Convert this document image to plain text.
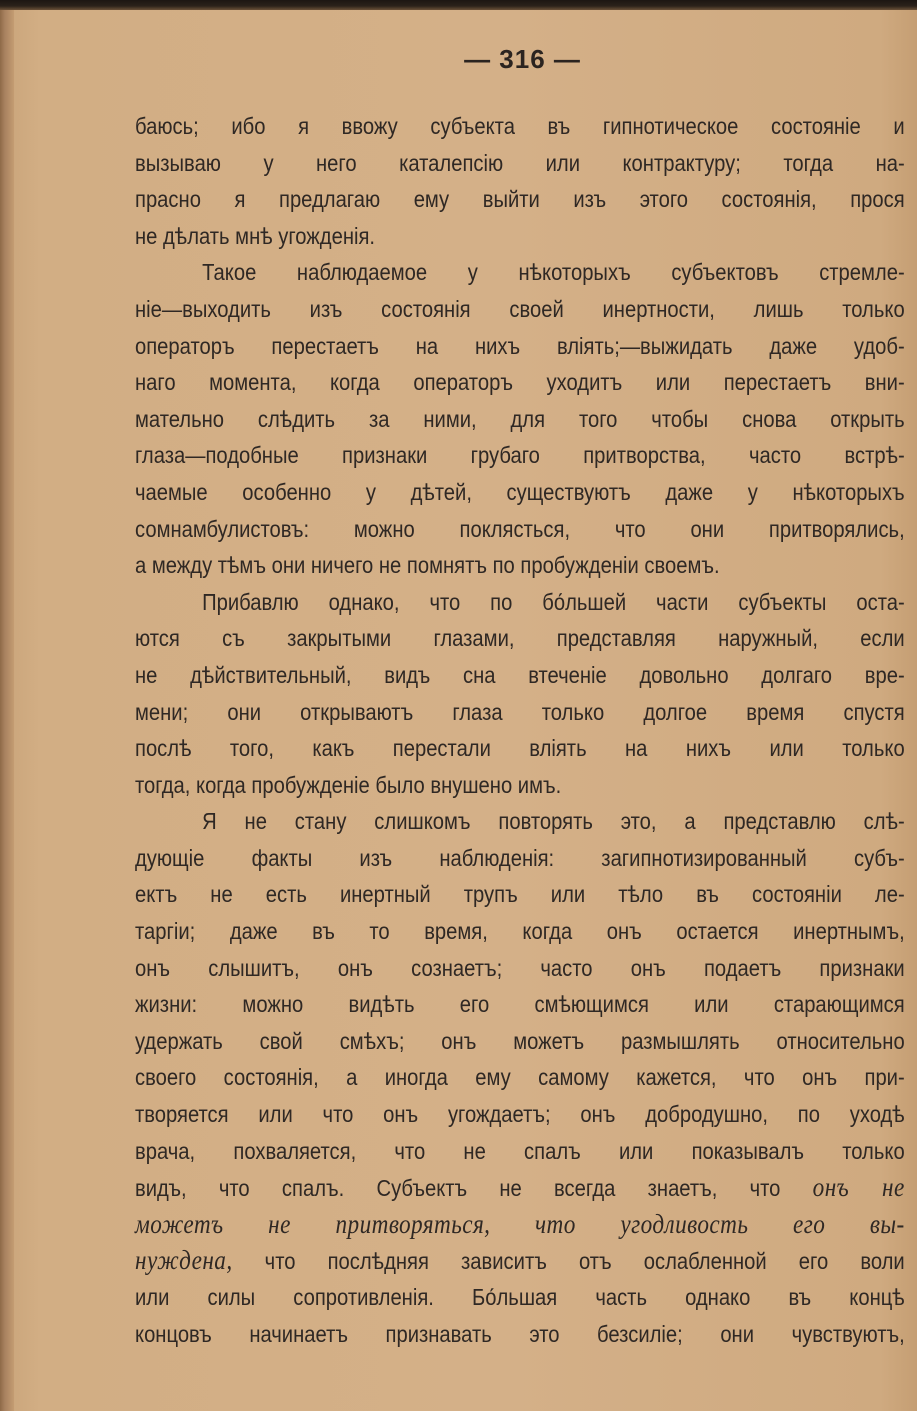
— 316 —
баюсь; ибо я ввожу субъекта въ гипнотическое состоянiе и
вызываю у него каталепсiю или контрактуру; тогда на-
прасно я предлагаю ему выйти изъ этого состоянiя, прося
не дѣлать мнѣ угожденiя.
Такое наблюдаемое у нѣкоторыхъ субъектовъ стремле-
нiе—выходить изъ состоянiя своей инертности, лишь только
операторъ перестаетъ на нихъ влiять;—выжидать даже удоб-
наго момента, когда операторъ уходитъ или перестаетъ вни-
мательно слѣдить за ними, для того чтобы снова открыть
глаза—подобные признаки грубаго притворства, часто встрѣ-
чаемые особенно у дѣтей, существуютъ даже у нѣкоторыхъ
сомнамбулистовъ: можно поклясться, что они притворялись,
а между тѣмъ они ничего не помнятъ по пробужденiи своемъ.
Прибавлю однако, что по бо́льшей части субъекты оста-
ются съ закрытыми глазами, представляя наружный, если
не дѣйствительный, видъ сна втеченiе довольно долгаго вре-
мени; они открываютъ глаза только долгое время спустя
послѣ того, какъ перестали влiять на нихъ или только
тогда, когда пробужденiе было внушено имъ.
Я не стану слишкомъ повторять это, а представлю слѣ-
дующiе факты изъ наблюденiя: загипнотизированный субъ-
ектъ не есть инертный трупъ или тѣло въ состоянiи ле-
таргiи; даже въ то время, когда онъ остается инертнымъ,
онъ слышитъ, онъ сознаетъ; часто онъ подаетъ признаки
жизни: можно видѣть его смѣющимся или старающимся
удержать свой смѣхъ; онъ можетъ размышлять относительно
своего состоянiя, а иногда ему самому кажется, что онъ при-
творяется или что онъ угождаетъ; онъ добродушно, по уходѣ
врача, похваляется, что не спалъ или показывалъ только
видъ, что спалъ. Субъектъ не всегда знаетъ, что онъ не
можетъ не притворяться, что угодливость его вы-
нуждена, что послѣдняя зависитъ отъ ослабленной его воли
или силы сопротивленiя. Бо́льшая часть однако въ концѣ
концовъ начинаетъ признавать это безсилiе; они чувствуютъ,
